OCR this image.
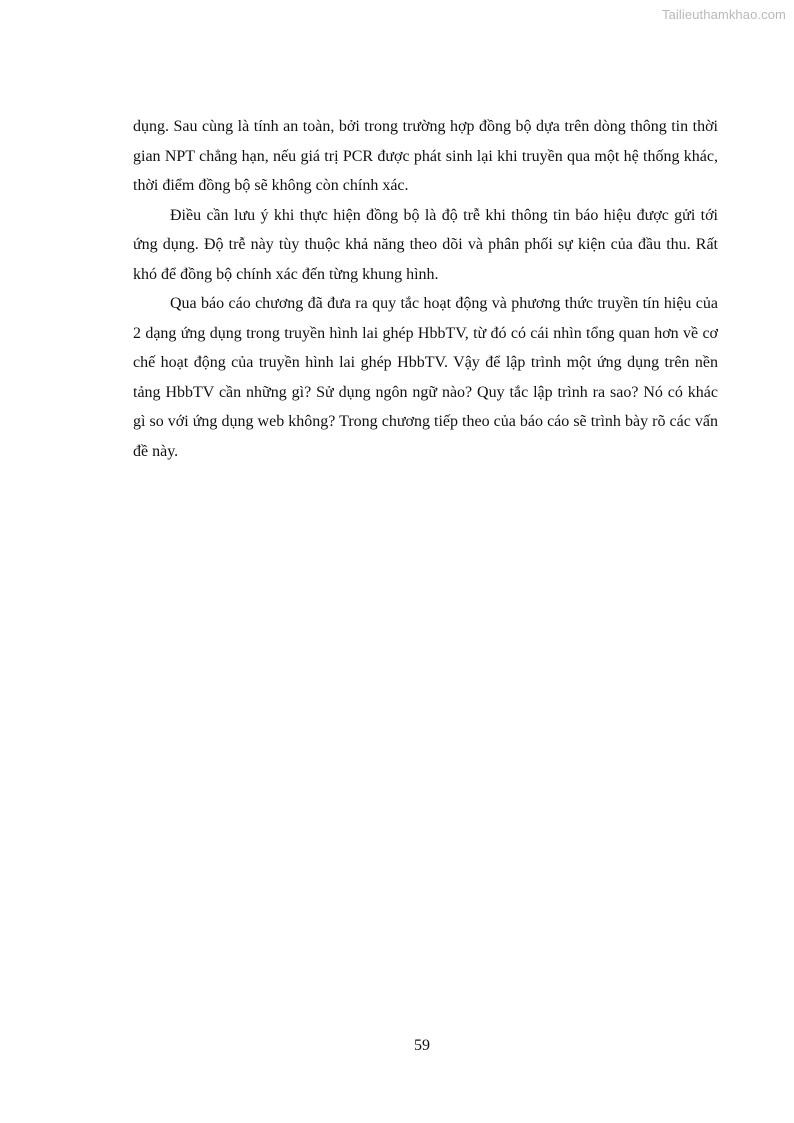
Tailieuthamkhao.com

dụng. Sau cùng là tính an toàn, bởi trong trường hợp đồng bộ dựa trên dòng thông tin thời gian NPT chẳng hạn, nếu giá trị PCR được phát sinh lại khi truyền qua một hệ thống khác, thời điểm đồng bộ sẽ không còn chính xác.

Điều cần lưu ý khi thực hiện đồng bộ là độ trễ khi thông tin báo hiệu được gửi tới ứng dụng. Độ trễ này tùy thuộc khả năng theo dõi và phân phối sự kiện của đầu thu. Rất khó để đồng bộ chính xác đến từng khung hình.

Qua báo cáo chương đã đưa ra quy tắc hoạt động và phương thức truyền tín hiệu của 2 dạng ứng dụng trong truyền hình lai ghép HbbTV, từ đó có cái nhìn tổng quan hơn về cơ chế hoạt động của truyền hình lai ghép HbbTV. Vậy để lập trình một ứng dụng trên nền tảng HbbTV cần những gì? Sử dụng ngôn ngữ nào? Quy tắc lập trình ra sao? Nó có khác gì so với ứng dụng web không? Trong chương tiếp theo của báo cáo sẽ trình bày rõ các vấn đề này.

59
